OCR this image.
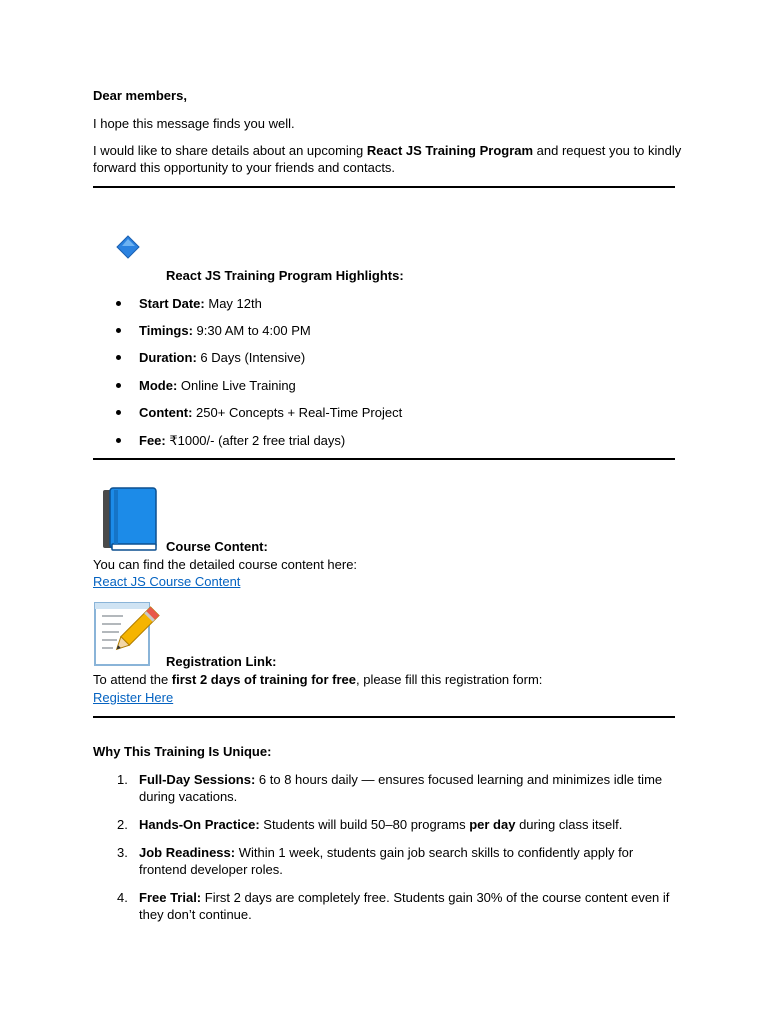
Dear members,
I hope this message finds you well.
I would like to share details about an upcoming React JS Training Program and request you to kindly
forward this opportunity to your friends and contacts.
React JS Training Program Highlights:
Start Date: May 12th
Timings: 9:30 AM to 4:00 PM
Duration: 6 Days (Intensive)
Mode: Online Live Training
Content: 250+ Concepts + Real-Time Project
Fee: ₹1000/- (after 2 free trial days)
Course Content:
You can find the detailed course content here:
React JS Course Content
Registration Link:
To attend the first 2 days of training for free, please fill this registration form:
Register Here
Why This Training Is Unique:
1. Full-Day Sessions: 6 to 8 hours daily — ensures focused learning and minimizes idle time
during vacations.
2. Hands-On Practice: Students will build 50–80 programs per day during class itself.
3. Job Readiness: Within 1 week, students gain job search skills to confidently apply for
frontend developer roles.
4. Free Trial: First 2 days are completely free. Students gain 30% of the course content even if
they don’t continue.
